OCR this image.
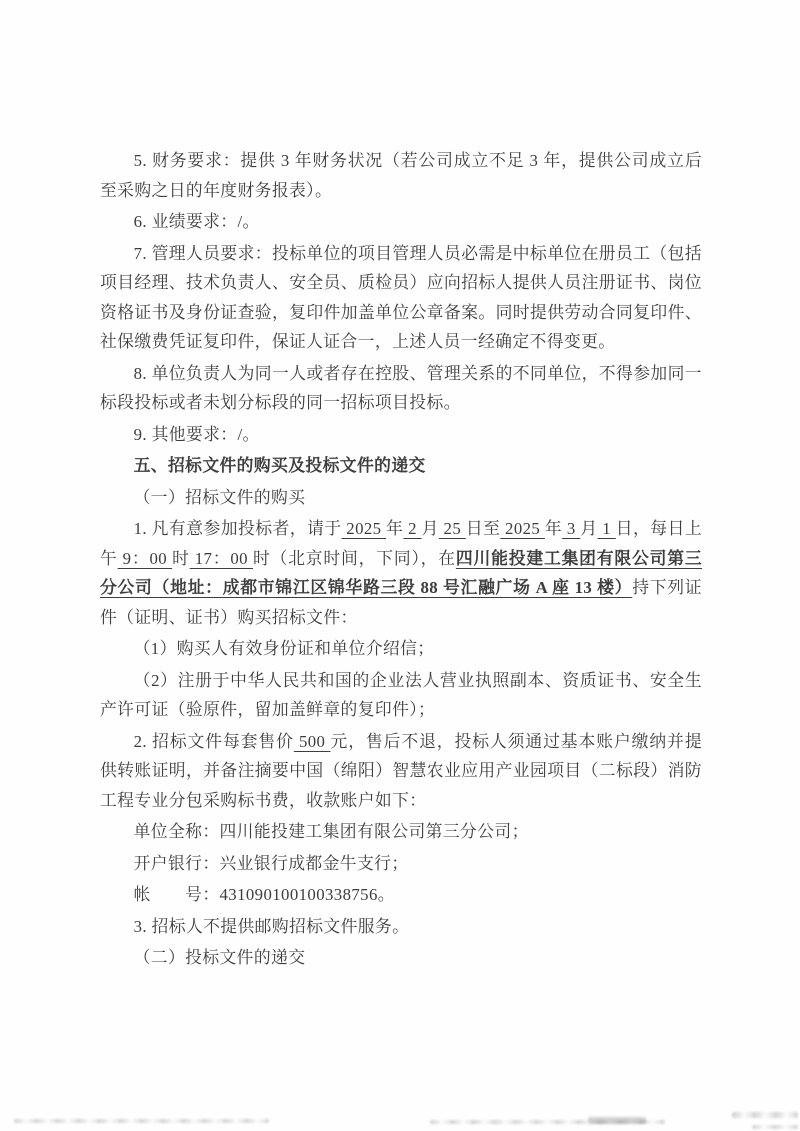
5. 财务要求：提供 3 年财务状况（若公司成立不足 3 年，提供公司成立后至采购之日的年度财务报表）。

6. 业绩要求：/。

7. 管理人员要求：投标单位的项目管理人员必需是中标单位在册员工（包括项目经理、技术负责人、安全员、质检员）应向招标人提供人员注册证书、岗位资格证书及身份证查验，复印件加盖单位公章备案。同时提供劳动合同复印件、社保缴费凭证复印件，保证人证合一，上述人员一经确定不得变更。

8. 单位负责人为同一人或者存在控股、管理关系的不同单位，不得参加同一标段投标或者未划分标段的同一招标项目投标。

9. 其他要求：/。

五、招标文件的购买及投标文件的递交

（一）招标文件的购买

1. 凡有意参加投标者，请于 2025 年 2 月 25 日至 2025 年 3 月 1 日，每日上午 9：00 时 17：00 时（北京时间，下同），在四川能投建工集团有限公司第三分公司（地址：成都市锦江区锦华路三段 88 号汇融广场 A 座 13 楼）持下列证件（证明、证书）购买招标文件：

（1）购买人有效身份证和单位介绍信；

（2）注册于中华人民共和国的企业法人营业执照副本、资质证书、安全生产许可证（验原件，留加盖鲜章的复印件）；

2. 招标文件每套售价 500 元，售后不退，投标人须通过基本账户缴纳并提供转账证明，并备注摘要中国（绵阳）智慧农业应用产业园项目（二标段）消防工程专业分包采购标书费，收款账户如下：

单位全称：四川能投建工集团有限公司第三分公司；

开户银行：兴业银行成都金牛支行；

帐　　号：431090100100338756。

3. 招标人不提供邮购招标文件服务。

（二）投标文件的递交
